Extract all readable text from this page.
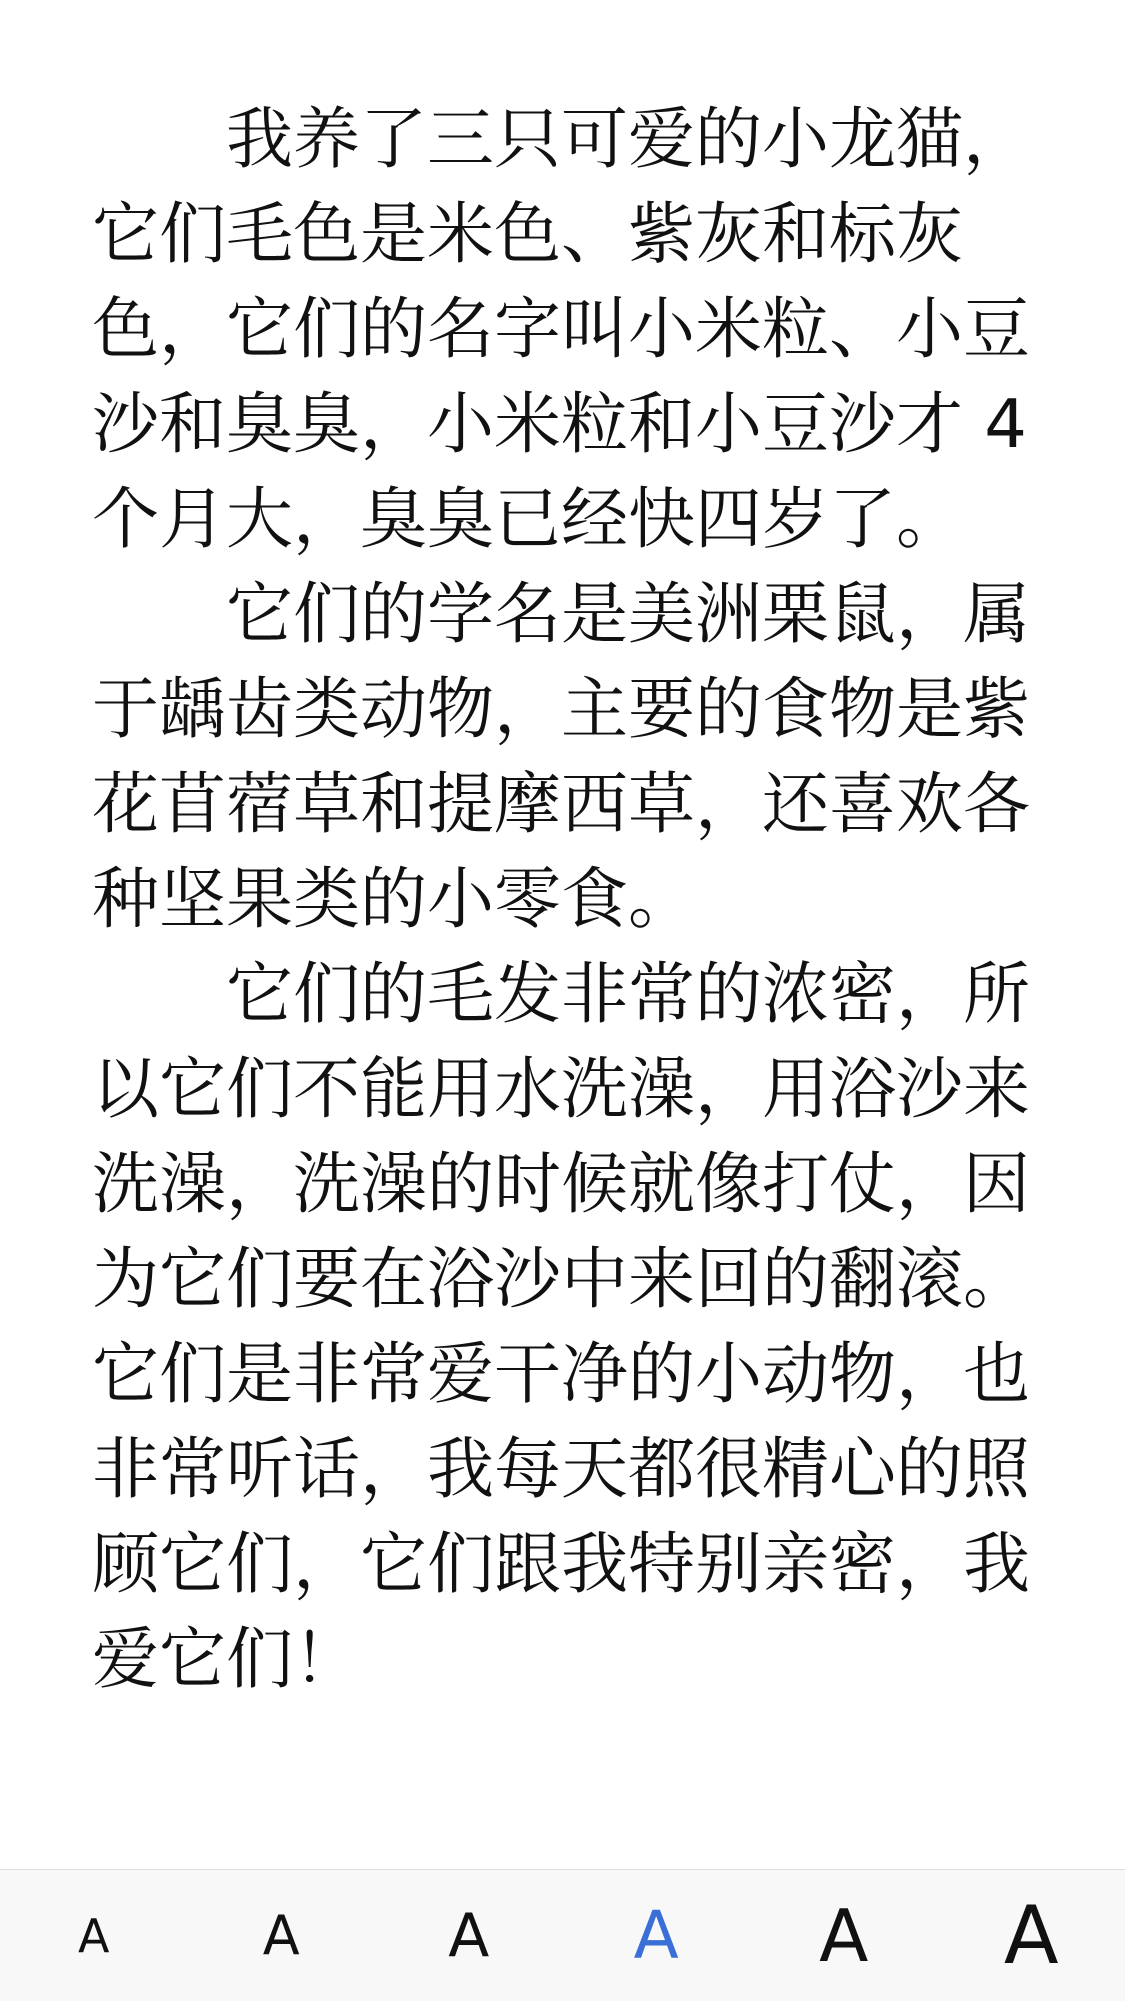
我养了三只可爱的小龙猫，它们毛色是米色、紫灰和标灰色，它们的名字叫小米粒、小豆沙和臭臭，小米粒和小豆沙才 4 个月大，臭臭已经快四岁了。

它们的学名是美洲栗鼠，属于龋齿类动物，主要的食物是紫花苜蓿草和提摩西草，还喜欢各种坚果类的小零食。

它们的毛发非常的浓密，所以它们不能用水洗澡，用浴沙来洗澡，洗澡的时候就像打仗，因为它们要在浴沙中来回的翻滚。它们是非常爱干净的小动物，也非常听话，我每天都很精心的照顾它们，它们跟我特别亲密，我爱它们！

A	A A A A A
